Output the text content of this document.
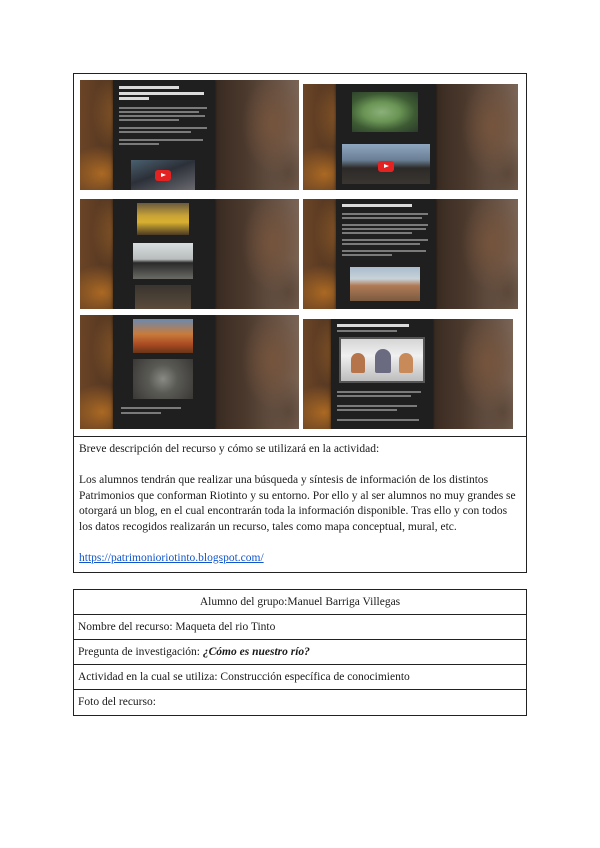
Breve descripción del recurso y cómo se utilizará en la actividad:

Los alumnos tendrán que realizar una búsqueda y síntesis de información de los distintos Patrimonios que conforman Riotinto y su entorno. Por ello y al ser alumnos no muy grandes se otorgará un blog, en el cual encontrarán toda la información disponible. Tras ello y con todos los datos recogidos realizarán un recurso, tales como mapa conceptual, mural, etc.

https://patrimonioriotinto.blogspot.com/

Alumno del grupo:Manuel Barriga Villegas
Nombre del recurso: Maqueta del rio Tinto
Pregunta de investigación: ¿Cómo es nuestro río?
Actividad en la cual se utiliza: Construcción específica de conocimiento
Foto del recurso:
